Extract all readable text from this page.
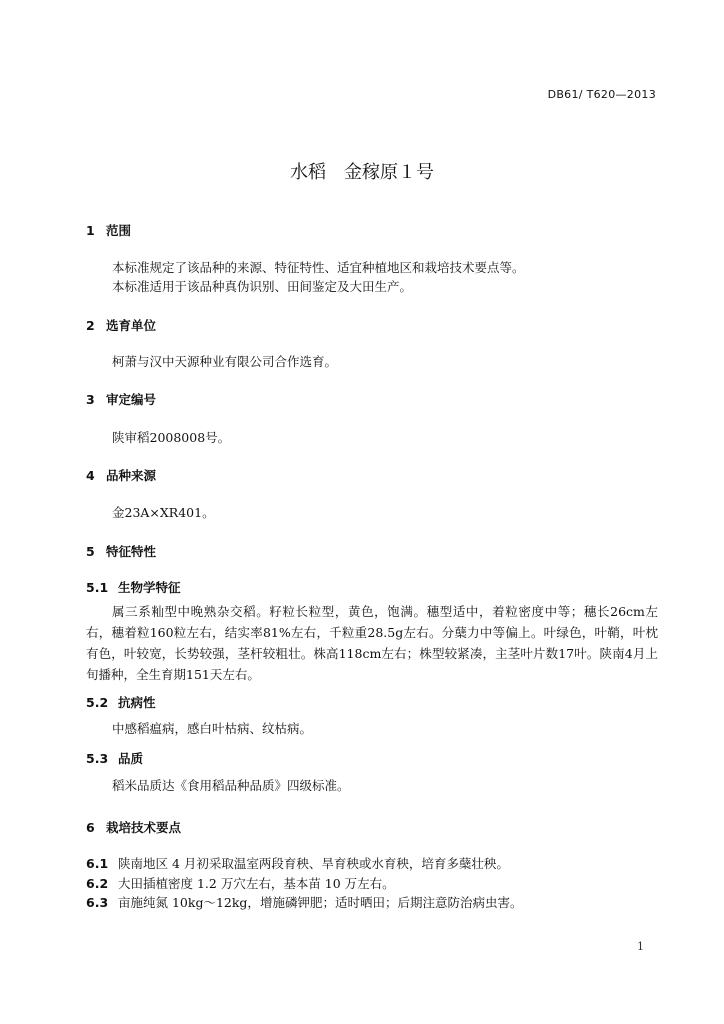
DB61/ T620—2013
水稻　金稼原１号
1 范围
本标准规定了该品种的来源、特征特性、适宜种植地区和栽培技术要点等。
本标准适用于该品种真伪识别、田间鉴定及大田生产。
2 选育单位
柯萧与汉中天源种业有限公司合作选育。
3 审定编号
陕审稻2008008号。
4 品种来源
金23A×XR401。
5 特征特性
5.1 生物学特征
属三系籼型中晚熟杂交稻。籽粒长粒型，黄色，饱满。穗型适中，着粒密度中等；穗长26cm左右，穗着粒160粒左右，结实率81%左右，千粒重28.5g左右。分蘖力中等偏上。叶绿色，叶鞘，叶枕有色，叶较宽，长势较强，茎杆较粗壮。株高118cm左右；株型较紧凑，主茎叶片数17叶。陕南4月上旬播种，全生育期151天左右。
5.2 抗病性
中感稻瘟病，感白叶枯病、纹枯病。
5.3 品质
稻米品质达《食用稻品种品质》四级标准。
6 栽培技术要点
6.1 陕南地区 4 月初采取温室两段育秧、旱育秧或水育秧，培育多蘖壮秧。
6.2 大田插植密度 1.2 万穴左右，基本苗 10 万左右。
6.3 亩施纯氮 10kg～12kg，增施磷钾肥；适时晒田；后期注意防治病虫害。
1
